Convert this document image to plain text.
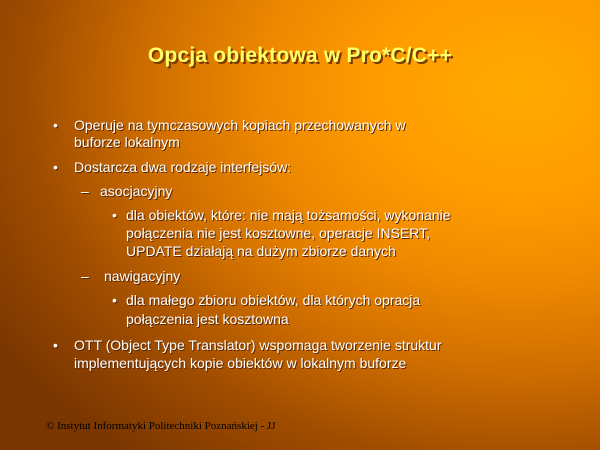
Opcja obiektowa w Pro*C/C++
• Operuje na tymczasowych kopiach przechowanych w
buforze lokalnym
• Dostarcza dwa rodzaje interfejsów:
– asocjacyjny
• dla obiektów, które: nie mają tożsamości, wykonanie
połączenia nie jest kosztowne, operacje INSERT,
UPDATE działają na dużym zbiorze danych
– nawigacyjny
• dla małego zbioru obiektów, dla których opracja
połączenia jest kosztowna
• OTT (Object Type Translator) wspomaga tworzenie struktur
implementujących kopie obiektów w lokalnym buforze
© Instytut Informatyki Politechniki Poznańskiej - JJ
